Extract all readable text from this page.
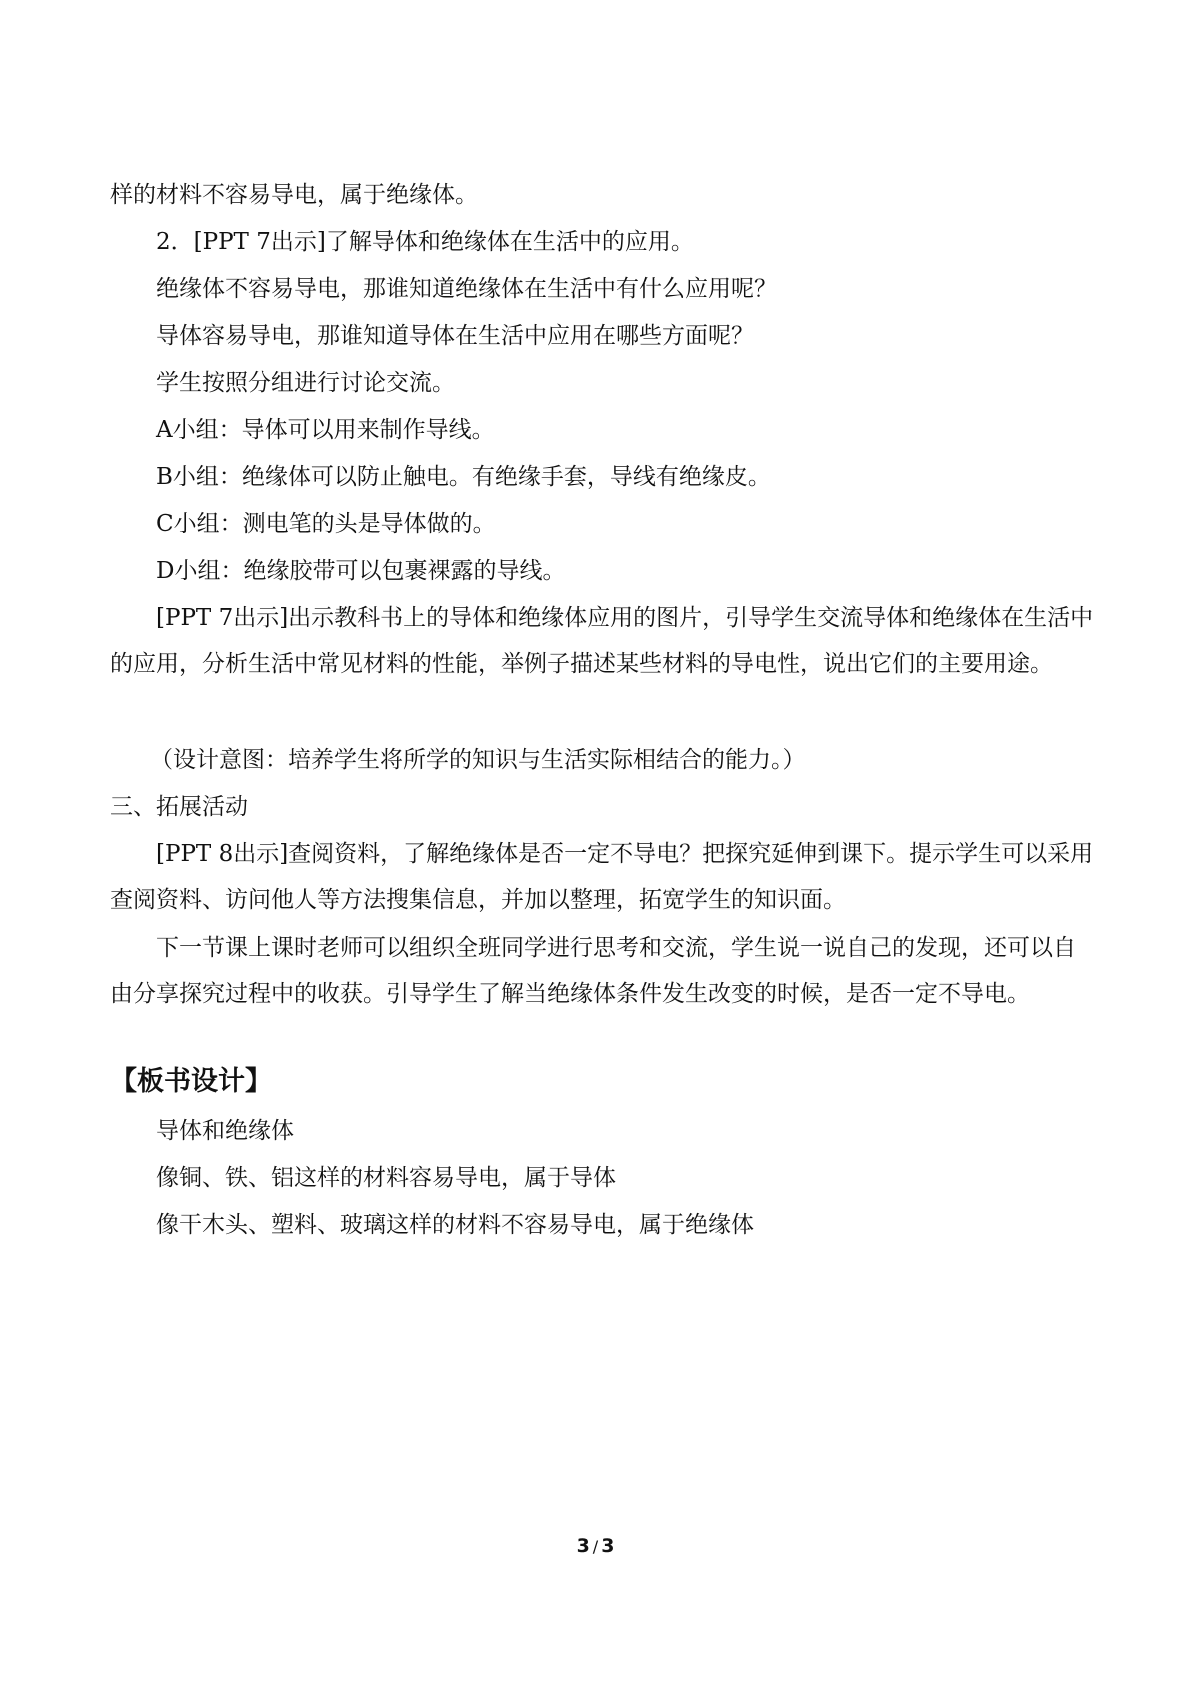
样的材料不容易导电，属于绝缘体。

2．[PPT 7出示]了解导体和绝缘体在生活中的应用。

绝缘体不容易导电，那谁知道绝缘体在生活中有什么应用呢？

导体容易导电，那谁知道导体在生活中应用在哪些方面呢？

学生按照分组进行讨论交流。

A小组：导体可以用来制作导线。

B小组：绝缘体可以防止触电。有绝缘手套，导线有绝缘皮。

C小组：测电笔的头是导体做的。

D小组：绝缘胶带可以包裹裸露的导线。

[PPT 7出示]出示教科书上的导体和绝缘体应用的图片，引导学生交流导体和绝缘体在生活中的应用，分析生活中常见材料的性能，举例子描述某些材料的导电性，说出它们的主要用途。

（设计意图：培养学生将所学的知识与生活实际相结合的能力。）

三、拓展活动

[PPT 8出示]查阅资料，了解绝缘体是否一定不导电？把探究延伸到课下。提示学生可以采用查阅资料、访问他人等方法搜集信息，并加以整理，拓宽学生的知识面。

下一节课上课时老师可以组织全班同学进行思考和交流，学生说一说自己的发现，还可以自由分享探究过程中的收获。引导学生了解当绝缘体条件发生改变的时候，是否一定不导电。

【板书设计】

导体和绝缘体

像铜、铁、铝这样的材料容易导电，属于导体

像干木头、塑料、玻璃这样的材料不容易导电，属于绝缘体

3 / 3
